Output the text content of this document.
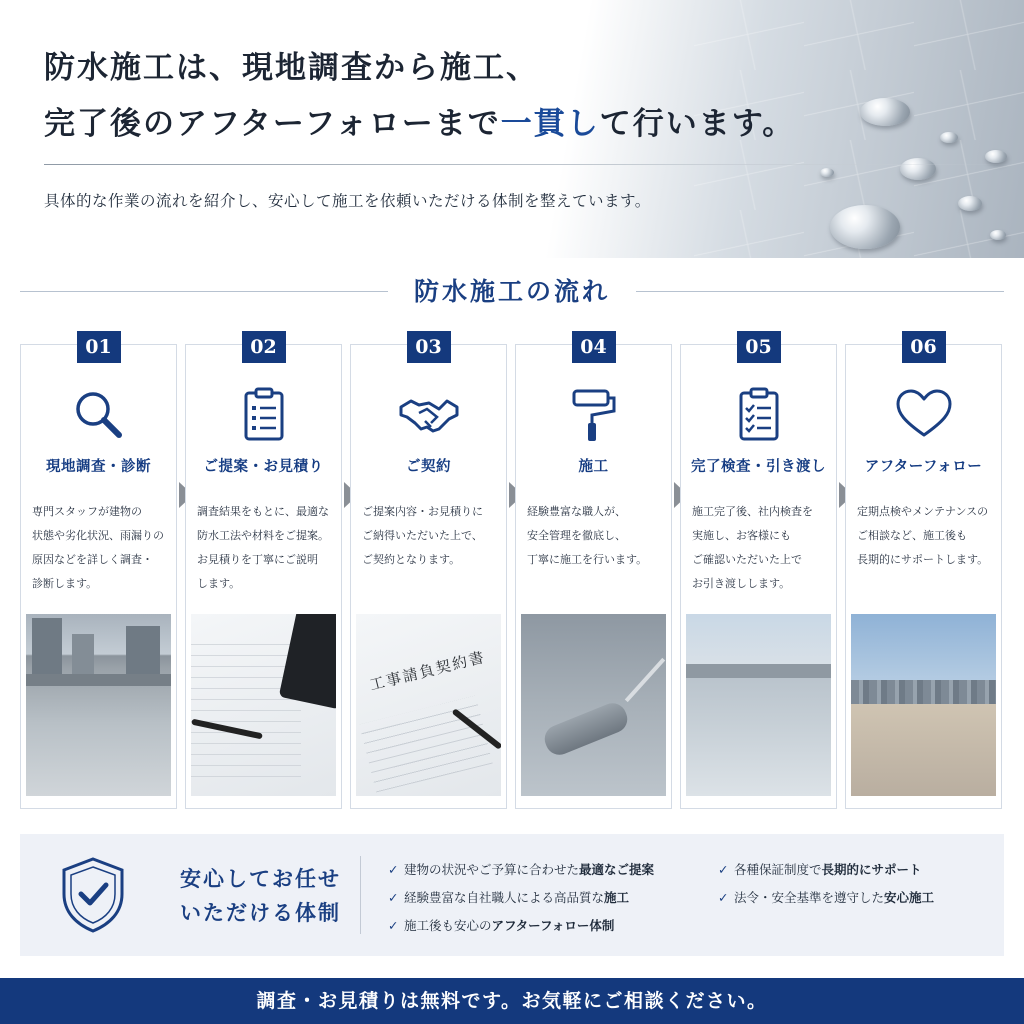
防水施工は、現地調査から施工、
完了後のアフターフォローまで一貫して行います。
具体的な作業の流れを紹介し、安心して施工を依頼いただける体制を整えています。
防水施工の流れ
01
現地調査・診断
専門スタッフが建物の
状態や劣化状況、雨漏りの
原因などを詳しく調査・
診断します。
02
ご提案・お見積り
調査結果をもとに、最適な
防水工法や材料をご提案。
お見積りを丁寧にご説明
します。
03
ご契約
ご提案内容・お見積りに
ご納得いただいた上で、
ご契約となります。
工事請負契約書
04
施工
経験豊富な職人が、
安全管理を徹底し、
丁寧に施工を行います。
05
完了検査・引き渡し
施工完了後、社内検査を
実施し、お客様にも
ご確認いただいた上で
お引き渡しします。
06
アフターフォロー
定期点検やメンテナンスの
ご相談など、施工後も
長期的にサポートします。
安心してお任せ
いただける体制
✓ 建物の状況やご予算に合わせた最適なご提案
✓ 経験豊富な自社職人による高品質な施工
✓ 施工後も安心のアフターフォロー体制
✓ 各種保証制度で長期的にサポート
✓ 法令・安全基準を遵守した安心施工
調査・お見積りは無料です。お気軽にご相談ください。
